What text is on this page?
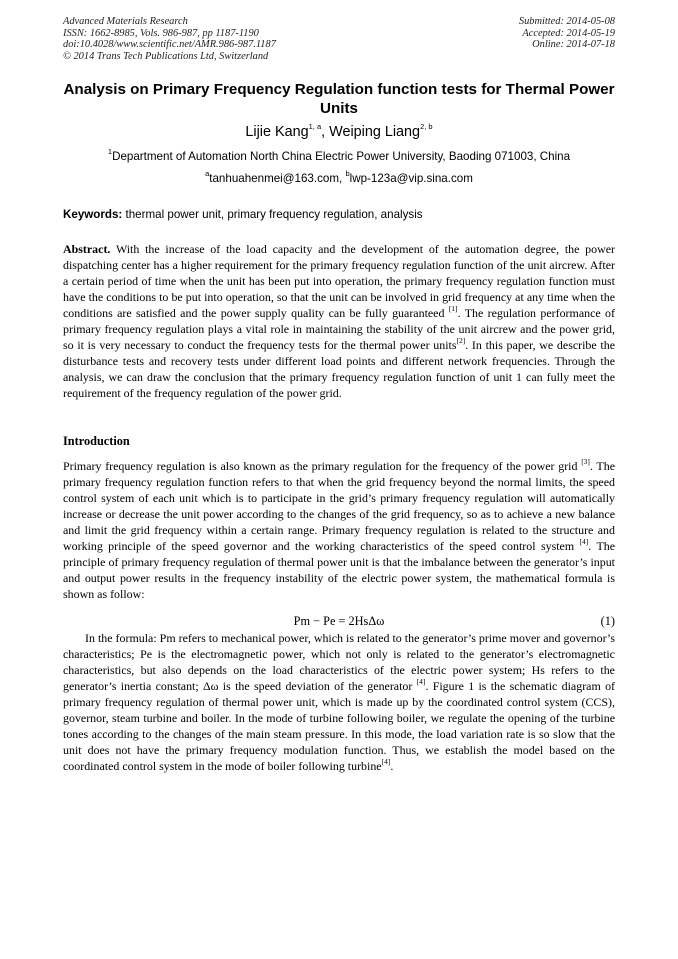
Advanced Materials Research
ISSN: 1662-8985, Vols. 986-987, pp 1187-1190
doi:10.4028/www.scientific.net/AMR.986-987.1187
© 2014 Trans Tech Publications Ltd, Switzerland
Submitted: 2014-05-08
Accepted: 2014-05-19
Online: 2014-07-18
Analysis on Primary Frequency Regulation function tests for Thermal Power Units
Lijie Kang$^{1, a}$, Weiping Liang$^{2, b}$
$^1$Department of Automation North China Electric Power University, Baoding 071003, China
$^a$tanhuahenmei@163.com, $^b$lwp-123a@vip.sina.com
Keywords: thermal power unit, primary frequency regulation, analysis
Abstract. With the increase of the load capacity and the development of the automation degree, the power dispatching center has a higher requirement for the primary frequency regulation function of the unit aircrew. After a certain period of time when the unit has been put into operation, the primary frequency regulation function must have the conditions to be put into operation, so that the unit can be involved in grid frequency at any time when the conditions are satisfied and the power supply quality can be fully guaranteed [1]. The regulation performance of primary frequency regulation plays a vital role in maintaining the stability of the unit aircrew and the power grid, so it is very necessary to conduct the frequency tests for the thermal power units[2]. In this paper, we describe the disturbance tests and recovery tests under different load points and different network frequencies. Through the analysis, we can draw the conclusion that the primary frequency regulation function of unit 1 can fully meet the requirement of the frequency regulation of the power grid.
Introduction
Primary frequency regulation is also known as the primary regulation for the frequency of the power grid [3]. The primary frequency regulation function refers to that when the grid frequency beyond the normal limits, the speed control system of each unit which is to participate in the grid’s primary frequency regulation will automatically increase or decrease the unit power according to the changes of the grid frequency, so as to achieve a new balance and limit the grid frequency within a certain range. Primary frequency regulation is related to the structure and working principle of the speed governor and the working characteristics of the speed control system [4]. The principle of primary frequency regulation of thermal power unit is that the imbalance between the generator’s input and output power results in the frequency instability of the electric power system, the mathematical formula is shown as follow:
Pm − Pe = 2HsΔω	(1)
In the formula: Pm refers to mechanical power, which is related to the generator’s prime mover and governor’s characteristics; Pe is the electromagnetic power, which not only is related to the generator’s electromagnetic characteristics, but also depends on the load characteristics of the electric power system; Hs refers to the generator’s inertia constant; Δω is the speed deviation of the generator [4]. Figure 1 is the schematic diagram of primary frequency regulation of thermal power unit, which is made up by the coordinated control system (CCS), governor, steam turbine and boiler. In the mode of turbine following boiler, we regulate the opening of the turbine tones according to the changes of the main steam pressure. In this mode, the load variation rate is so slow that the unit does not have the primary frequency modulation function. Thus, we establish the model based on the coordinated control system in the mode of boiler following turbine[4].
